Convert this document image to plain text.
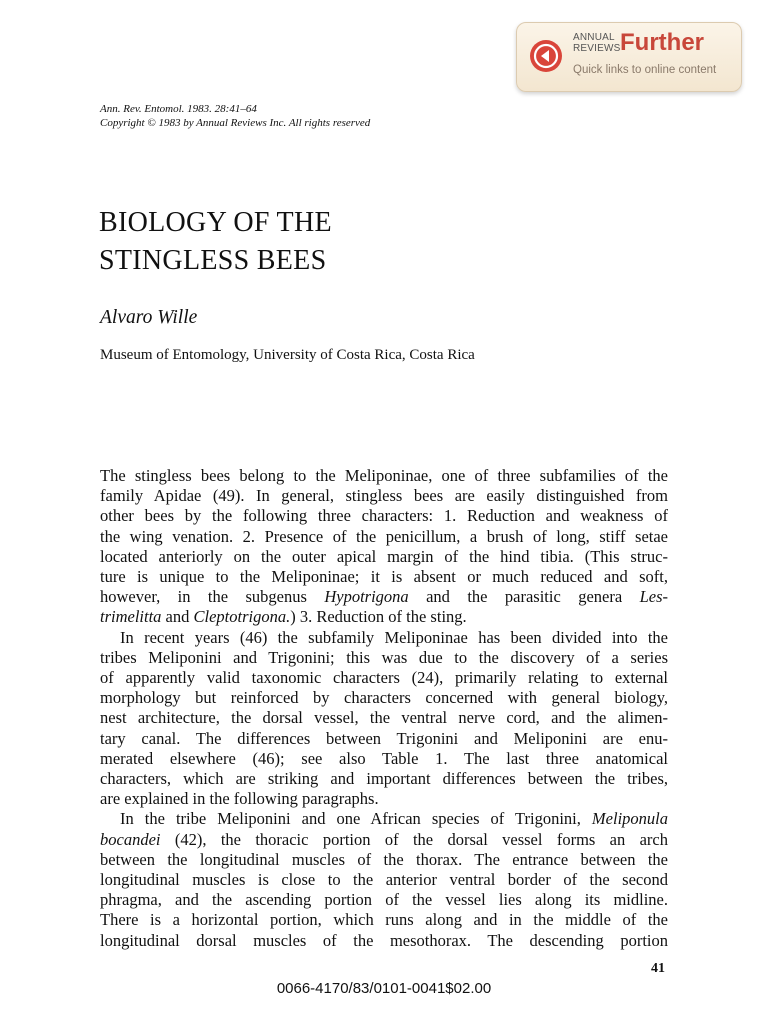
ANNUAL
REVIEWS Further
Quick links to online content
Ann. Rev. Entomol. 1983. 28:41–64
Copyright © 1983 by Annual Reviews Inc. All rights reserved
BIOLOGY OF THE
STINGLESS BEES
Alvaro Wille
Museum of Entomology, University of Costa Rica, Costa Rica

The stingless bees belong to the Meliponinae, one of three subfamilies of the
family Apidae (49). In general, stingless bees are easily distinguished from
other bees by the following three characters: 1. Reduction and weakness of
the wing venation. 2. Presence of the penicillum, a brush of long, stiff setae
located anteriorly on the outer apical margin of the hind tibia. (This struc-
ture is unique to the Meliponinae; it is absent or much reduced and soft,
however, in the subgenus Hypotrigona and the parasitic genera Les-
trimelitta and Cleptotrigona.) 3. Reduction of the sting.

In recent years (46) the subfamily Meliponinae has been divided into the
tribes Meliponini and Trigonini; this was due to the discovery of a series
of apparently valid taxonomic characters (24), primarily relating to external
morphology but reinforced by characters concerned with general biology,
nest architecture, the dorsal vessel, the ventral nerve cord, and the alimen-
tary canal. The differences between Trigonini and Meliponini are enu-
merated elsewhere (46); see also Table 1. The last three anatomical
characters, which are striking and important differences between the tribes,
are explained in the following paragraphs.

In the tribe Meliponini and one African species of Trigonini, Meliponula
bocandei (42), the thoracic portion of the dorsal vessel forms an arch
between the longitudinal muscles of the thorax. The entrance between the
longitudinal muscles is close to the anterior ventral border of the second
phragma, and the ascending portion of the vessel lies along its midline.
There is a horizontal portion, which runs along and in the middle of the
longitudinal dorsal muscles of the mesothorax. The descending portion

41
0066-4170/83/0101-0041$02.00
